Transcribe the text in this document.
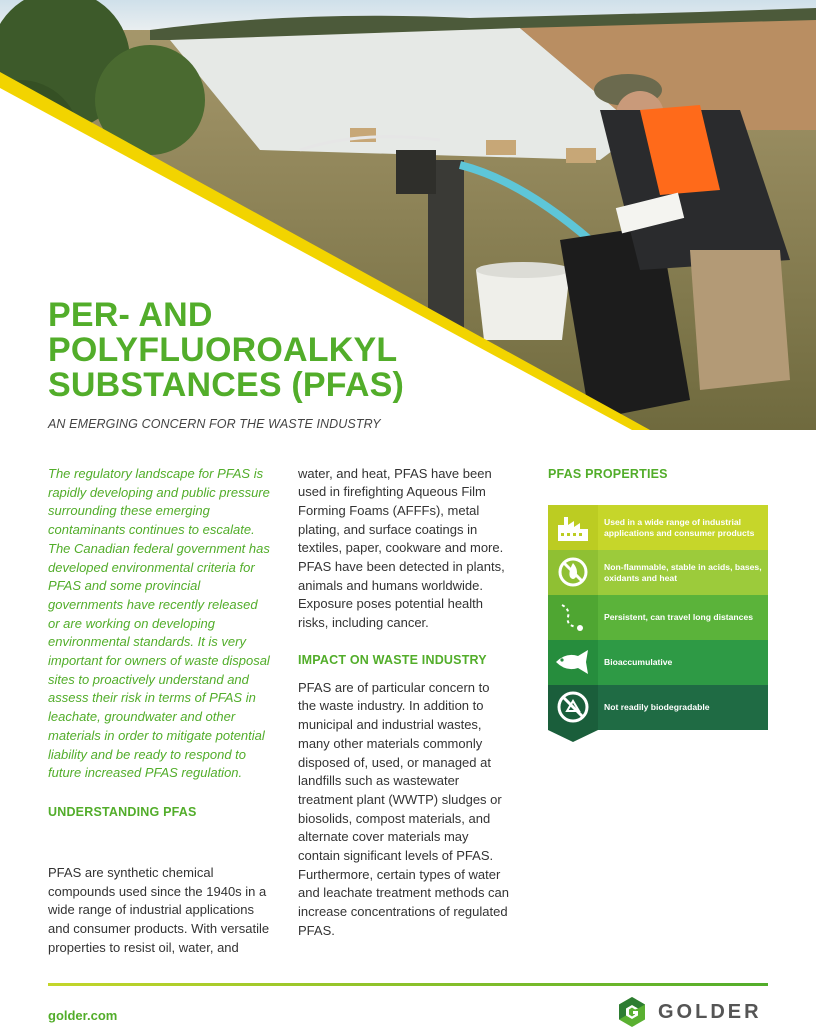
PER- AND POLYFLUOROALKYL SUBSTANCES (PFAS)
AN EMERGING CONCERN FOR THE WASTE INDUSTRY

The regulatory landscape for PFAS is rapidly developing and public pressure surrounding these emerging contaminants continues to escalate. The Canadian federal government has developed environmental criteria for PFAS and some provincial governments have recently released or are working on developing environmental standards. It is very important for owners of waste disposal sites to proactively understand and assess their risk in terms of PFAS in leachate, groundwater and other materials in order to mitigate potential liability and be ready to respond to future increased PFAS regulation.

UNDERSTANDING PFAS

PFAS are synthetic chemical compounds used since the 1940s in a wide range of industrial applications and consumer products. With versatile properties to resist oil, water, and

water, and heat, PFAS have been used in firefighting Aqueous Film Forming Foams (AFFFs), metal plating, and surface coatings in textiles, paper, cookware and more. PFAS have been detected in plants, animals and humans worldwide. Exposure poses potential health risks, including cancer.

IMPACT ON WASTE INDUSTRY

PFAS are of particular concern to the waste industry. In addition to municipal and industrial wastes, many other materials commonly disposed of, used, or managed at landfills such as wastewater treatment plant (WWTP) sludges or biosolids, compost materials, and alternate cover materials may contain significant levels of PFAS. Furthermore, certain types of water and leachate treatment methods can increase concentrations of regulated PFAS.

PFAS PROPERTIES
Used in a wide range of industrial applications and consumer products
Non-flammable, stable in acids, bases, oxidants and heat
Persistent, can travel long distances
Bioaccumulative
Not readily biodegradable
golder.com	GOLDER
